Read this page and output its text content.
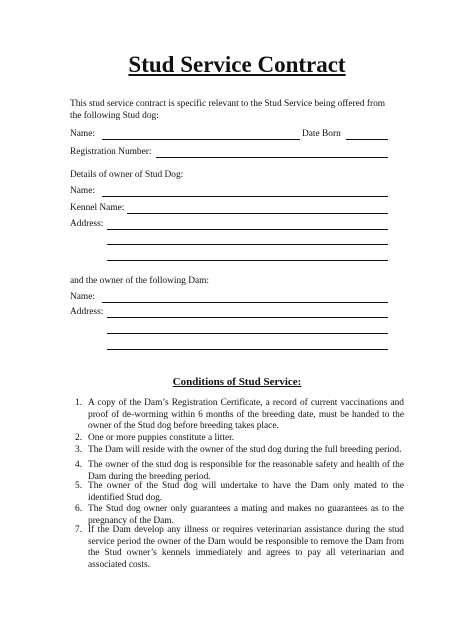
Stud Service Contract
This stud service contract is specific relevant to the Stud Service being offered from
the following Stud dog:
Name:	Date Born
Registration Number:
Details of owner of Stud Dog:
Name:
Kennel Name:
Address:
and the owner of the following Dam:
Name:
Address:
Conditions of Stud Service:
1. A copy of the Dam’s Registration Certificate, a record of current vaccinations and proof of de-worming within 6 months of the breeding date, must be handed to the owner of the Stud dog before breeding takes place.
2. One or more puppies constitute a litter.
3. The Dam will reside with the owner of the stud dog during the full breeding period.
4. The owner of the stud dog is responsible for the reasonable safety and health of the Dam during the breeding period.
5. The owner of the Stud dog will undertake to have the Dam only mated to the identified Stud dog.
6. The Stud dog owner only guarantees a mating and makes no guarantees as to the pregnancy of the Dam.
7. If the Dam develop any illness or requires veterinarian assistance during the stud service period the owner of the Dam would be responsible to remove the Dam from the Stud owner’s kennels immediately and agrees to pay all veterinarian and associated costs.
